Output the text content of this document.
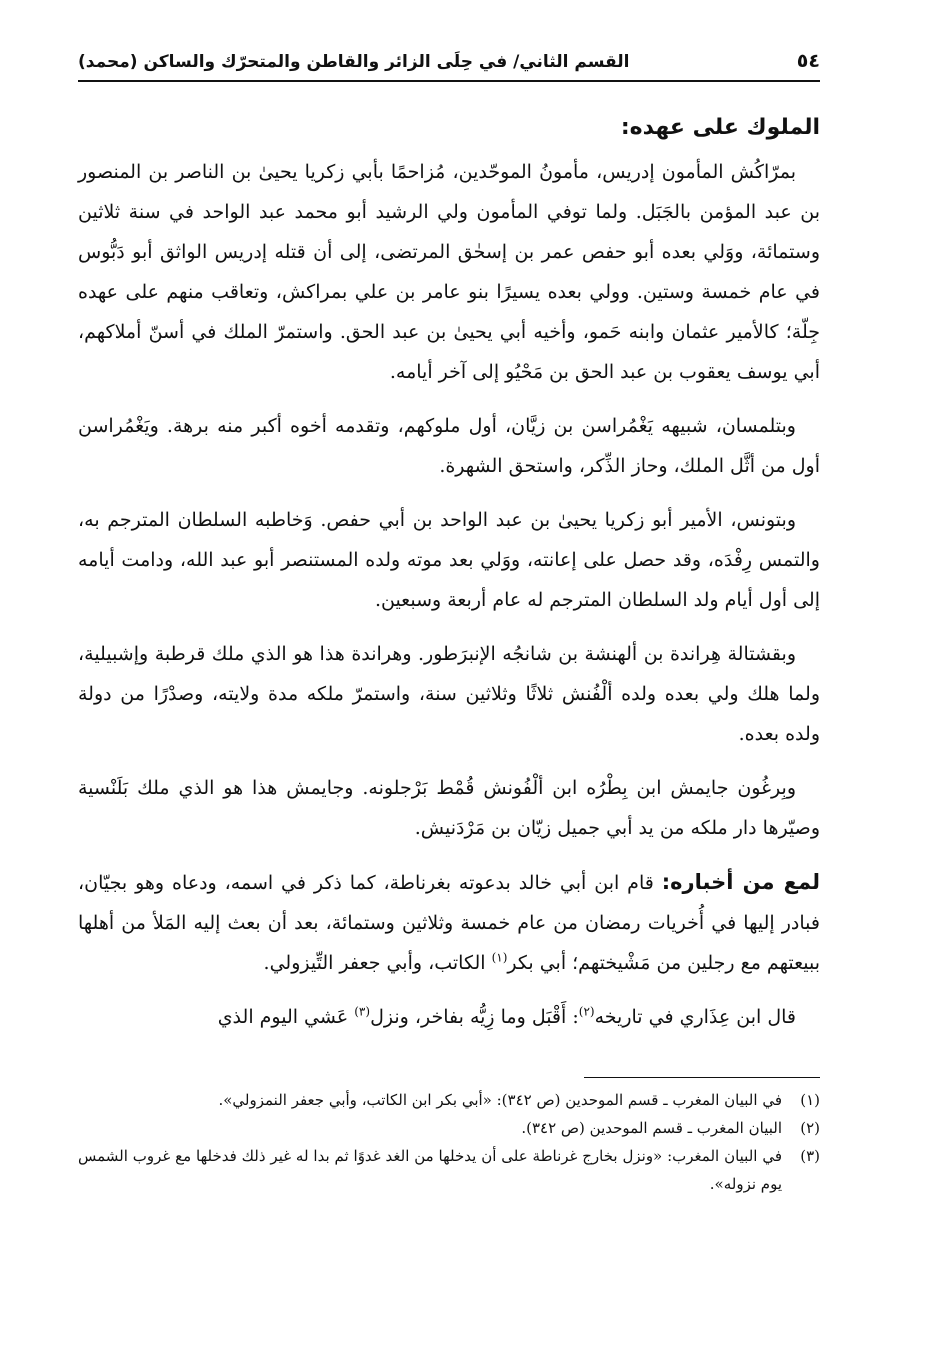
٥٤
القسم الثاني/ في حِلَى الزائر والقاطن والمتحرّك والساكن (محمد)
الملوك على عهده:

بمرّاكُش المأمون إدريس، مأمونُ الموحّدين، مُزاحمًا بأبي زكريا يحيىٰ بن الناصر بن المنصور بن عبد المؤمن بالجَبَل. ولما توفي المأمون ولي الرشيد أبو محمد عبد الواحد في سنة ثلاثين وستمائة، ووَلي بعده أبو حفص عمر بن إسحٰق المرتضى، إلى أن قتله إدريس الواثق أبو دَبُّوس في عام خمسة وستين. وولي بعده يسيرًا بنو عامر بن علي بمراكش، وتعاقب منهم على عهده جِلّة؛ كالأمير عثمان وابنه حَمو، وأخيه أبي يحيىٰ بن عبد الحق. واستمرّ الملك في أسنّ أملاكهم، أبي يوسف يعقوب بن عبد الحق بن مَحْيُو إلى آخر أيامه.

وبتلمسان، شبيهه يَغْمُراسن بن زيَّان، أول ملوكهم، وتقدمه أخوه أكبر منه برهة. ويَغْمُراسن أول من أثَّل الملك، وحاز الذِّكر، واستحق الشهرة.

وبتونس، الأمير أبو زكريا يحيىٰ بن عبد الواحد بن أبي حفص. وَخاطبه السلطان المترجم به، والتمس رِفْدَه، وقد حصل على إعانته، ووَلي بعد موته ولده المستنصر أبو عبد الله، ودامت أيامه إلى أول أيام ولد السلطان المترجم له عام أربعة وسبعين.

وبقشتالة هِراندة بن ألهنشة بن شانجُه الإنبرَطور. وهراندة هذا هو الذي ملك قرطبة وإشبيلية، ولما هلك ولي بعده ولده ألْفُنش ثلاثًا وثلاثين سنة، واستمرّ ملكه مدة ولايته، وصدْرًا من دولة ولده بعده.

وبِرغُون جايمش ابن بِطْرُه ابن ألْفُونش قُمْط بَرْجلونه. وجايمش هذا هو الذي ملك بَلَنْسية وصيّرها دار ملكه من يد أبي جميل زيّان بن مَرْدَنيش.

لمع من أخباره: قام ابن أبي خالد بدعوته بغرناطة، كما ذكر في اسمه، ودعاه وهو بجيّان، فبادر إليها في أُخريات رمضان من عام خمسة وثلاثين وستمائة، بعد أن بعث إليه المَلأ من أهلها ببيعتهم مع رجلين من مَشْيختهم؛ أبي بكر$^{(١)}$ الكاتب، وأبي جعفر التِّيزولي.

قال ابن عِذَاري في تاريخه$^{(٢)}$: أَقْبَل وما زِيُّه بفاخر، ونزل$^{(٣)}$ عَشي اليوم الذي

(١)
في البيان المغرب ـ قسم الموحدين (ص ٣٤٢): «أبي بكر ابن الكاتب، وأبي جعفر النمزولي».
(٢)
البيان المغرب ـ قسم الموحدين (ص ٣٤٢).
(٣)
في البيان المغرب: «ونزل بخارج غرناطة على أن يدخلها من الغد غدوًا ثم بدا له غير ذلك فدخلها مع غروب الشمس يوم نزوله».
